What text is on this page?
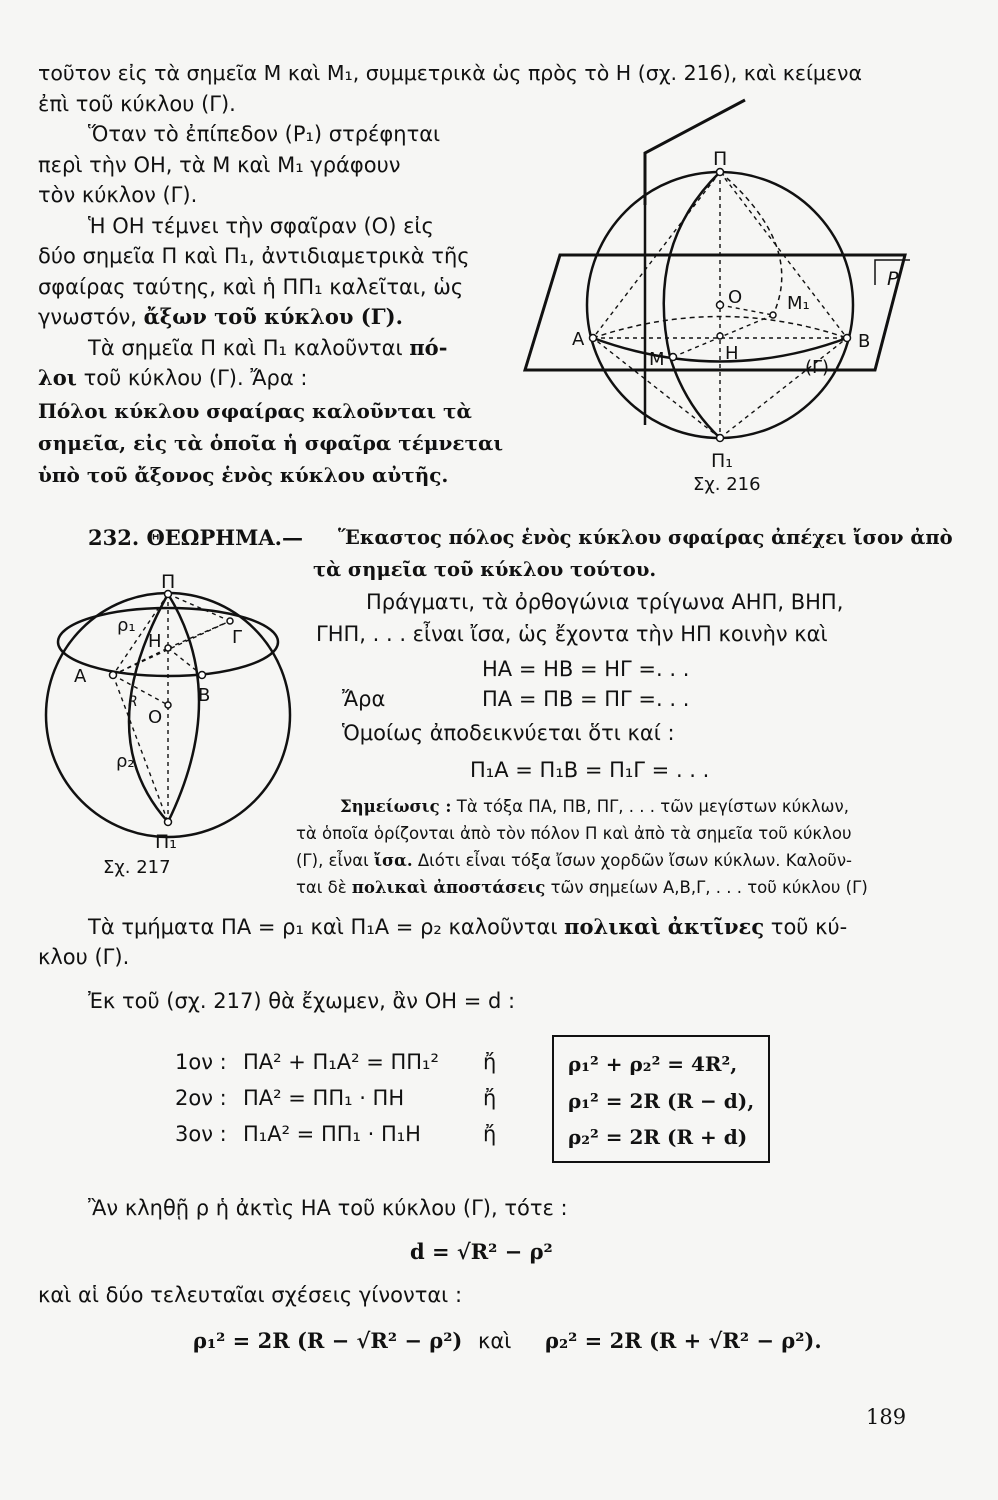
τοῦτον εἰς τὰ σημεῖα Μ καὶ Μ₁, συμμετρικὰ ὡς πρὸς τὸ Η (σχ. 216), καὶ κείμενα
ἐπὶ τοῦ κύκλου (Γ).
Ὅταν τὸ ἐπίπεδον (Ρ₁) στρέφηται
περὶ τὴν ΟΗ, τὰ Μ καὶ Μ₁ γράφουν
τὸν κύκλον (Γ).
Ἡ ΟΗ τέμνει τὴν σφαῖραν (Ο) εἰς
δύο σημεῖα Π καὶ Π₁, ἀντιδιαμετρικὰ τῆς
σφαίρας ταύτης, καὶ ἡ ΠΠ₁ καλεῖται, ὡς
γνωστόν, ἄξων τοῦ κύκλου (Γ).
Τὰ σημεῖα Π καὶ Π₁ καλοῦνται πό-
λοι τοῦ κύκλου (Γ). Ἄρα :
Πόλοι κύκλου σφαίρας καλοῦνται τὰ
σημεῖα, εἰς τὰ ὁποῖα ἡ σφαῖρα τέμνεται
ὑπὸ τοῦ ἄξονος ἑνὸς κύκλου αὐτῆς.
Π
Π₁
Ο Μ₁
Α	Β
Μ	Η
(Γ)
P
Σχ. 216
232. ΘΕΩΡΗΜΑ.— Ἕκαστος πόλος ἑνὸς κύκλου σφαίρας ἀπέχει ἴσον ἀπὸ
τὰ σημεῖα τοῦ κύκλου τούτου.
Πράγματι, τὰ ὀρθογώνια τρίγωνα ΑΗΠ, ΒΗΠ,
ΓΗΠ, . . . εἶναι ἴσα, ὡς ἔχοντα τὴν ΗΠ κοινὴν καὶ
ΗΑ = ΗΒ = ΗΓ =. . .
Ἄρα	ΠΑ = ΠΒ = ΠΓ =. . .
Ὁμοίως ἀποδεικνύεται ὅτι καί :
Π₁Α = Π₁Β = Π₁Γ = . . .
Σημείωσις : Τὰ τόξα ΠΑ, ΠΒ, ΠΓ, . . . τῶν μεγίστων κύκλων,
τὰ ὁποῖα ὁρίζονται ἀπὸ τὸν πόλον Π καὶ ἀπὸ τὰ σημεῖα τοῦ κύκλου
(Γ), εἶναι ἴσα. Διότι εἶναι τόξα ἴσων χορδῶν ἴσων κύκλων. Καλοῦν-
ται δὲ πολικαὶ ἀποστάσεις τῶν σημείων Α,Β,Γ, . . . τοῦ κύκλου (Γ)
Π
Π₁
ρ₁
ρ₂
Η	Γ
Α
Β
Ο
R
Σχ. 217
Τὰ τμήματα ΠΑ = ρ₁ καὶ Π₁Α = ρ₂ καλοῦνται πολικαὶ ἀκτῖνες τοῦ κύ-
κλου (Γ).
Ἐκ τοῦ (σχ. 217) θὰ ἔχωμεν, ἂν ΟΗ = d :
1ον : ΠΑ² + Π₁Α² = ΠΠ₁² ἤ
2ον : ΠΑ² = ΠΠ₁ · ΠΗ	ἤ
3ον : Π₁Α² = ΠΠ₁ · Π₁Η	ἤ
ρ₁² + ρ₂² = 4R²,
ρ₁² = 2R (R − d),
ρ₂² = 2R (R + d)
Ἂν κληθῇ ρ ἡ ἀκτὶς ΗΑ τοῦ κύκλου (Γ), τότε :
d = √R² − ρ²
καὶ αἱ δύο τελευταῖαι σχέσεις γίνονται :
ρ₁² = 2R (R − √R² − ρ²) καὶ ρ₂² = 2R (R + √R² − ρ²).
189
